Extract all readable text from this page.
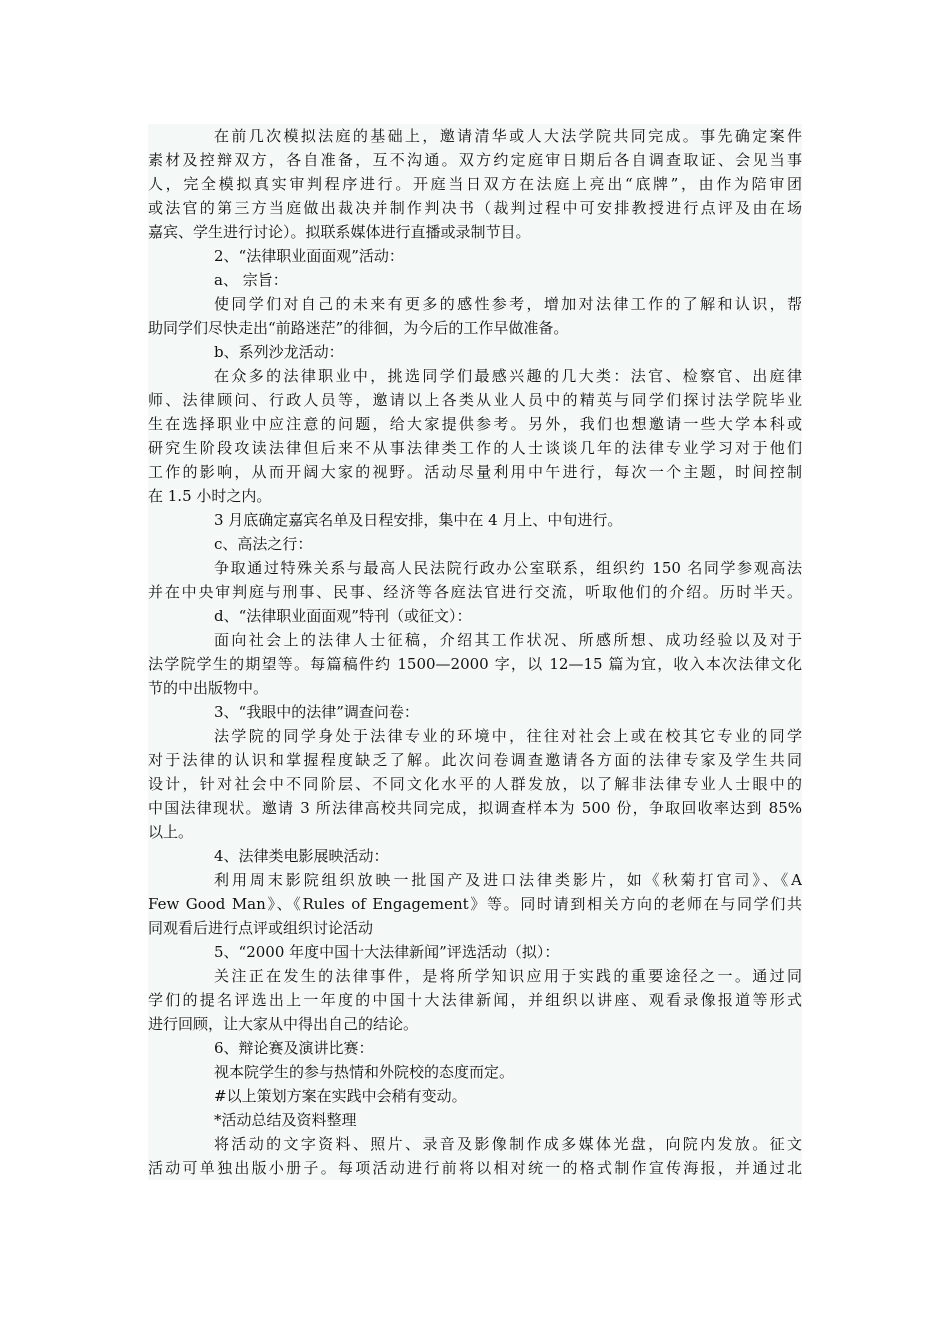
在前几次模拟法庭的基础上，邀请清华或人大法学院共同完成。事先确定案件
素材及控辩双方，各自准备，互不沟通。双方约定庭审日期后各自调查取证、会见当事
人，完全模拟真实审判程序进行。开庭当日双方在法庭上亮出“底牌”，由作为陪审团
或法官的第三方当庭做出裁决并制作判决书（裁判过程中可安排教授进行点评及由在场
嘉宾、学生进行讨论）。拟联系媒体进行直播或录制节目。
2、“法律职业面面观”活动：
a、 宗旨：
使同学们对自己的未来有更多的感性参考，增加对法律工作的了解和认识，帮
助同学们尽快走出“前路迷茫”的徘徊，为今后的工作早做准备。
b、系列沙龙活动：
在众多的法律职业中，挑选同学们最感兴趣的几大类：法官、检察官、出庭律
师、法律顾问、行政人员等，邀请以上各类从业人员中的精英与同学们探讨法学院毕业
生在选择职业中应注意的问题，给大家提供参考。另外，我们也想邀请一些大学本科或
研究生阶段攻读法律但后来不从事法律类工作的人士谈谈几年的法律专业学习对于他们
工作的影响，从而开阔大家的视野。活动尽量利用中午进行，每次一个主题，时间控制
在 1.5 小时之内。
3 月底确定嘉宾名单及日程安排，集中在 4 月上、中旬进行。
c、高法之行：
争取通过特殊关系与最高人民法院行政办公室联系，组织约 150 名同学参观高法
并在中央审判庭与刑事、民事、经济等各庭法官进行交流，听取他们的介绍。历时半天。
d、“法律职业面面观”特刊（或征文）：
面向社会上的法律人士征稿，介绍其工作状况、所感所想、成功经验以及对于
法学院学生的期望等。每篇稿件约 1500—2000 字，以 12—15 篇为宜，收入本次法律文化
节的中出版物中。
3、“我眼中的法律”调查问卷：
法学院的同学身处于法律专业的环境中，往往对社会上或在校其它专业的同学
对于法律的认识和掌握程度缺乏了解。此次问卷调查邀请各方面的法律专家及学生共同
设计，针对社会中不同阶层、不同文化水平的人群发放，以了解非法律专业人士眼中的
中国法律现状。邀请 3 所法律高校共同完成，拟调查样本为 500 份，争取回收率达到 85%
以上。
4、法律类电影展映活动：
利用周末影院组织放映一批国产及进口法律类影片，如《秋菊打官司》、《A
Few Good Man》、《Rules of Engagement》等。同时请到相关方向的老师在与同学们共
同观看后进行点评或组织讨论活动
5、“2000 年度中国十大法律新闻”评选活动（拟）：
关注正在发生的法律事件，是将所学知识应用于实践的重要途径之一。通过同
学们的提名评选出上一年度的中国十大法律新闻，并组织以讲座、观看录像报道等形式
进行回顾，让大家从中得出自己的结论。
6、辩论赛及演讲比赛：
视本院学生的参与热情和外院校的态度而定。
#以上策划方案在实践中会稍有变动。
*活动总结及资料整理
将活动的文字资料、照片、录音及影像制作成多媒体光盘，向院内发放。征文
活动可单独出版小册子。每项活动进行前将以相对统一的格式制作宣传海报，并通过北
